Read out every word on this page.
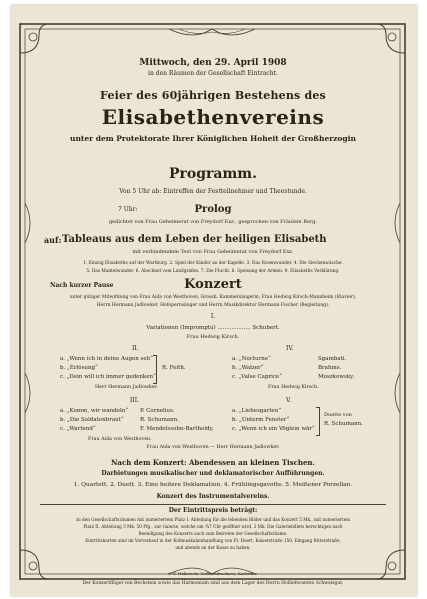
Mittwoch, den 29. April 1908
in den Räumen der Gesellschaft Eintracht.
Feier des 60jährigen Bestehens des
Elisabethenvereins
unter dem Protektorate Ihrer Königlichen Hoheit der Großherzogin
Programm.
Von 5 Uhr ab: Eintreffen der Festteilnehmer und Theestunde.
7 Uhr:	Prolog
gedichtet von Frau Geheimerat von Freydorf Exz., gesprochen von Fräulein Berg.
auf: Tableaus aus dem Leben der heiligen Elisabeth
mit verbindendem Text von Frau Geheimerat von Freydorf Exz.
1. Einzug Elisabeths auf der Wartburg. 2. Spiel der Kinder an der Kapelle. 3. Das Rosenwunder. 4. Die Siechenwäsche.
5. Das Mantelwunder. 6. Abschied vom Landgrafen. 7. Die Flucht. 8. Speisung der Armen. 9. Elisabeths Verklärung.
Nach kurzer Pause	Konzert
unter gütiger Mitwirkung von Frau Aida von Westhoven, Grossh. Kammersängerin, Frau Hedwig Kirsch-Mannheim (Klavier),
Herrn Hermann Jadlowker, Hofopernsänger und Herrn Musikdirektor Hermann Fischer (Begleitung).
I.
Variationen (Impromptu) ................... Schubert.
Frau Hedwig Kirsch.
II.
a. „Wenn ich in deine Augen seh“
b. „Erlösung“
c. „Dein will ich immer gedenken“
R. Feith.
Herr Hermann Jadlowker.
IV.
a. „Nocturne“
b. „Walzer“
c. „Valse Caprice“
Sgambati.
Brahms.
Moszkowsky.
Frau Hedwig Kirsch.
III.
a. „Komm, wir wandeln“
b. „Die Soldatenbraut“
c. „Wartend“
P. Cornelius.
R. Schumann.
F. Mendelssohn-Bartholdy.
Frau Aida von Westhoven.
V.
a. „Liebesgarten“
b. „Unterm Fenster“
c. „Wenn ich ein Vöglein wär“
Duette von
R. Schumann.
Frau Aida von Westhoven — Herr Hermann Jadlowker.
Nach dem Konzert: Abendessen an kleinen Tischen.
Darbietungen musikalischer und deklamatorischer Aufführungen.
1. Quartett. 2. Duett. 3. Eine heitere Deklamation. 4. Frühlingsgavotte. 5. Meißener Porzellan.
Konzert des Instrumentalvereins.
Der Eintrittspreis beträgt:
zu den Gesellschaftsräumen mit numeriertem Platz I. Abteilung für die lebenden Bilder und das Konzert 5 Mk., mit numeriertem
Platz II. Abteilung 3 Mk. 50 Pfg., zur Galerie, welche um ¾7 Uhr geöffnet wird, 2 Mk. Die Galeriebillets berechtigen nach
Beendigung des Konzerts auch zum Betreten der Gesellschaftsräume.
Eintrittskarten sind im Vorverkauf in der Kolmusikalienhandlung von Fr. Doert, Kaiserstraße 150, Eingang Ritterstraße,
und abends an der Kasse zu haben.
C. F. Müllersche Hofbuchdruckerei, Karlsruhe.
Der Konzertflügel von Bechstein sowie das Harmonium sind aus dem Lager des Herrn Hoflieferanten Schweisgut.
